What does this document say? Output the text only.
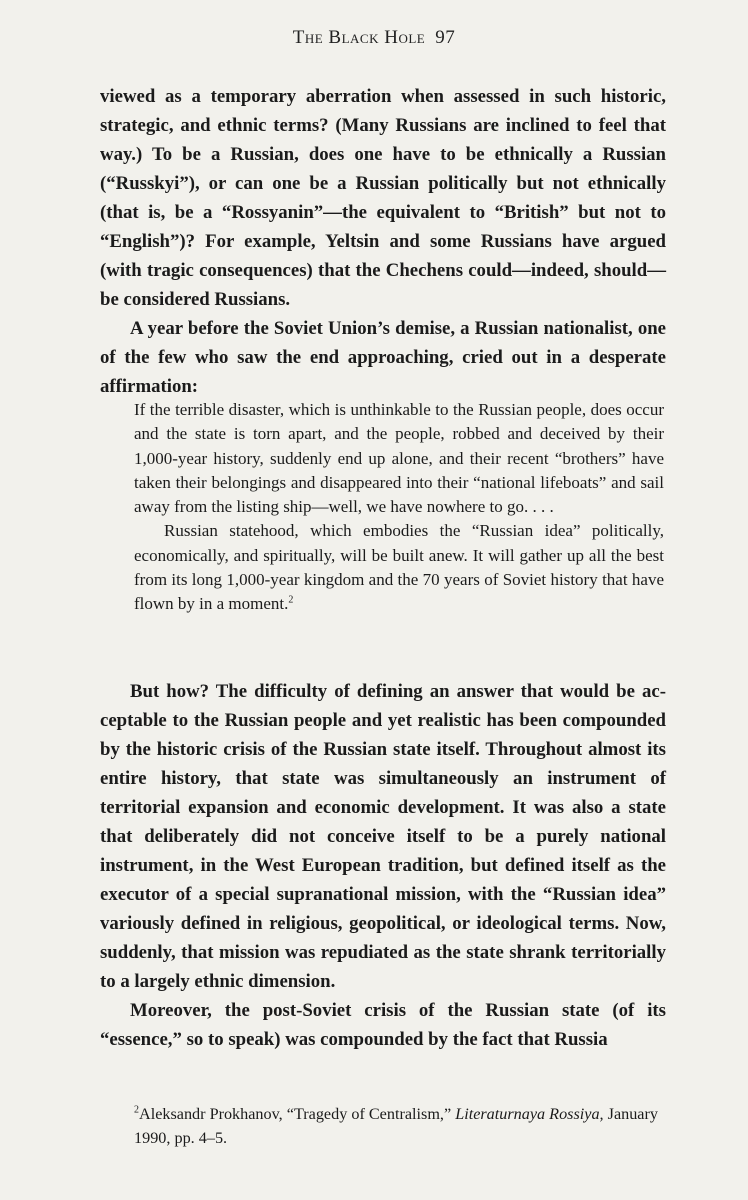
The Black Hole 97

viewed as a temporary aberration when assessed in such historic, strategic, and ethnic terms? (Many Russians are inclined to feel that way.) To be a Russian, does one have to be ethnically a Russian (“Russkyi”), or can one be a Russian politically but not ethnically (that is, be a “Rossyanin”—the equivalent to “British” but not to “English”)? For example, Yeltsin and some Russians have argued (with tragic consequences) that the Chechens could—indeed, should—be considered Russians.

A year before the Soviet Union’s demise, a Russian nationalist, one of the few who saw the end approaching, cried out in a desperate affirmation:

If the terrible disaster, which is unthinkable to the Russian people, does occur and the state is torn apart, and the people, robbed and deceived by their 1,000-year history, suddenly end up alone, and their recent “brothers” have taken their belongings and disappeared into their “national lifeboats” and sail away from the listing ship—well, we have nowhere to go. . . .

Russian statehood, which embodies the “Russian idea” politically, economically, and spiritually, will be built anew. It will gather up all the best from its long 1,000-year kingdom and the 70 years of Soviet history that have flown by in a moment.$^2$

But how? The difficulty of defining an answer that would be acceptable to the Russian people and yet realistic has been compounded by the historic crisis of the Russian state itself. Throughout almost its entire history, that state was simultaneously an instrument of territorial expansion and economic development. It was also a state that deliberately did not conceive itself to be a purely national instrument, in the West European tradition, but defined itself as the executor of a special supranational mission, with the “Russian idea” variously defined in religious, geopolitical, or ideological terms. Now, suddenly, that mission was repudiated as the state shrank territorially to a largely ethnic dimension.

Moreover, the post-Soviet crisis of the Russian state (of its “essence,” so to speak) was compounded by the fact that Russia

$^2$Aleksandr Prokhanov, “Tragedy of Centralism,” Literaturnaya Rossiya, January 1990, pp. 4–5.
